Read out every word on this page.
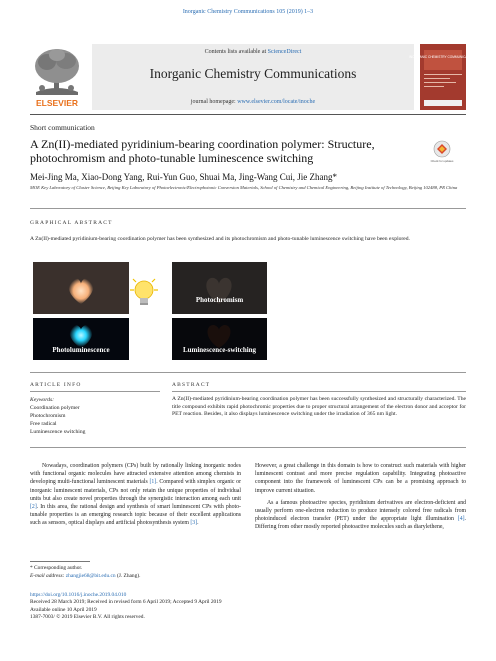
Inorganic Chemistry Communications 105 (2019) 1–3
ELSEVIER
Contents lists available at ScienceDirect
Inorganic Chemistry Communications
journal homepage: www.elsevier.com/locate/inoche
INORGANIC CHEMISTRY COMMUNICATIONS
Short communication
A Zn(II)-mediated pyridinium-bearing coordination polymer: Structure, photochromism and photo-tunable luminescence switching	Check for updates
Mei-Jing Ma, Xiao-Dong Yang, Rui-Yun Guo, Shuai Ma, Jing-Wang Cui, Jie Zhang*
MOE Key Laboratory of Cluster Science, Beijing Key Laboratory of Photoelectronic/Electrophotonic Conversion Materials, School of Chemistry and Chemical Engineering, Beijing Institute of Technology, Beijing 102488, PR China
GRAPHICAL ABSTRACT
A Zn(II)-mediated pyridinium-bearing coordination polymer has been synthesized and its photochromism and photo-tunable luminescence switching have been explored.
Photoluminescence
Photochromism
Luminescence-switching
ARTICLE INFO	ABSTRACT
Keywords:
Coordination polymer
Photochromism
Free radical
Luminescence switching
A Zn(II)-mediated pyridinium-bearing coordination polymer has been successfully synthesized and structurally characterized. The title compound exhibits rapid photochromic properties due to proper structural arrangement of the electron donor and acceptor for PET reaction. Besides, it also displays luminescence switching under the irradiation of 365 nm light.

Nowadays, coordination polymers (CPs) built by rationally linking inorganic nodes with functional organic molecules have attracted extensive attention among chemists in developing multi-functional luminescent materials [1]. Compared with simplex organic or inorganic luminescent materials, CPs not only retain the unique properties of individual units but also create novel properties through the synergistic interaction among each unit [2]. In this area, the rational design and synthesis of smart luminescent CPs with photo-tunable properties is an emerging research topic because of their excellent applications such as sensors, optical displays and artificial photosynthesis system [3].

However, a great challenge in this domain is how to construct such materials with higher luminescent contrast and more precise regulation capability. Integrating photoactive component into the framework of luminescent CPs can be a promising approach to improve current situation.

As a famous photoactive species, pyridinium derivatives are electron-deficient and usually perform one-electron reduction to produce intensely colored free radicals from photoinduced electron transfer (PET) under the appropriate light illumination [4]. Differing from other mostly reported photoactive molecules such as diarylethene,

* Corresponding author.
E-mail address: zhangjie68@bit.edu.cn (J. Zhang).
https://doi.org/10.1016/j.inoche.2019.04.010
Received 28 March 2019; Received in revised form 6 April 2019; Accepted 9 April 2019
Available online 10 April 2019
1387-7003/ © 2019 Elsevier B.V. All rights reserved.
